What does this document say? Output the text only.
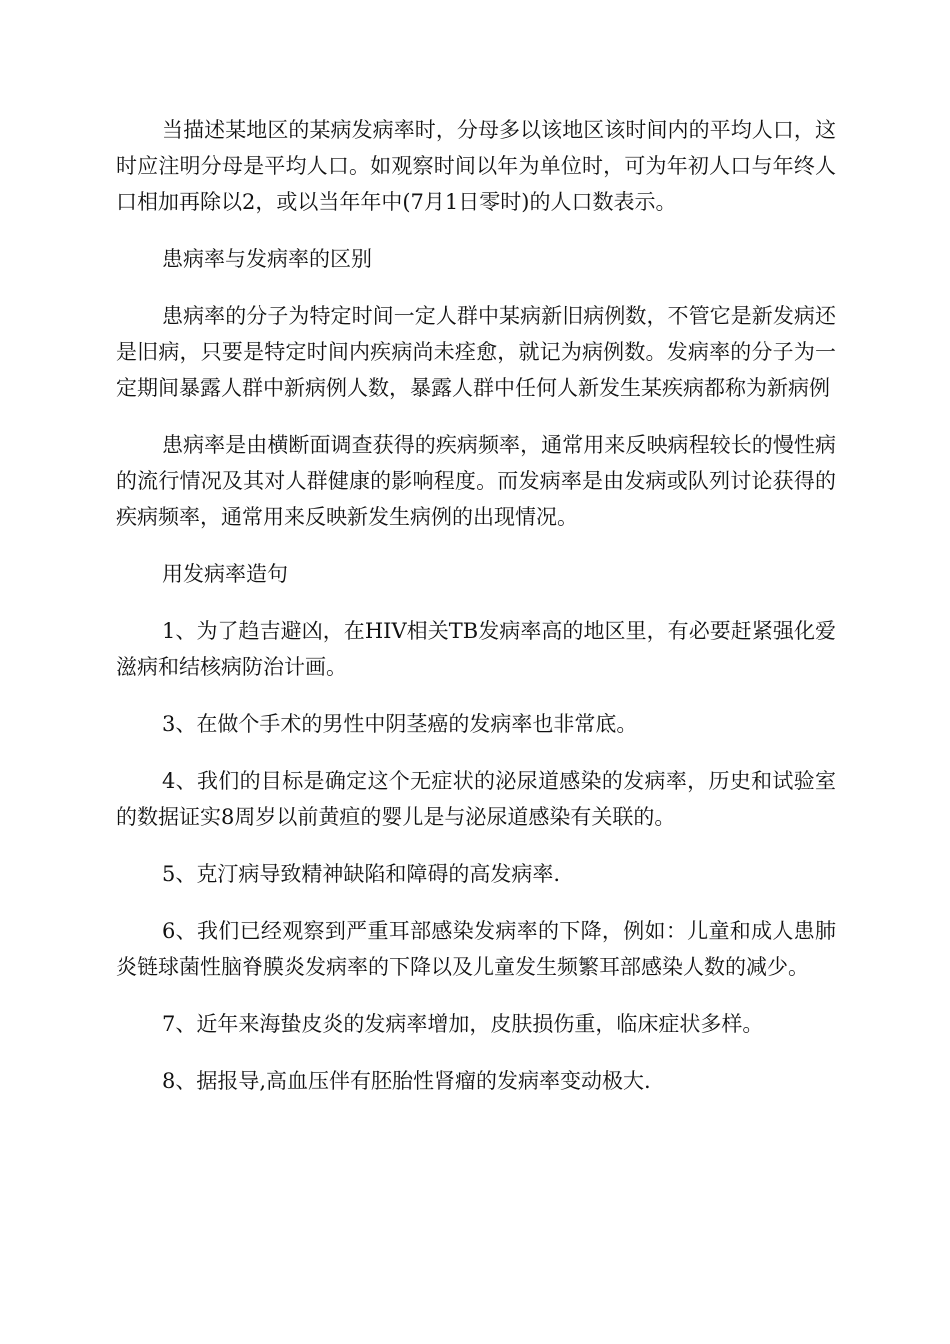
当描述某地区的某病发病率时，分母多以该地区该时间内的平均人口，这时应注明分母是平均人口。如观察时间以年为单位时，可为年初人口与年终人口相加再除以2，或以当年年中(7月1日零时)的人口数表示。

患病率与发病率的区别

患病率的分子为特定时间一定人群中某病新旧病例数，不管它是新发病还是旧病，只要是特定时间内疾病尚未痊愈，就记为病例数。发病率的分子为一定期间暴露人群中新病例人数，暴露人群中任何人新发生某疾病都称为新病例

患病率是由横断面调查获得的疾病频率，通常用来反映病程较长的慢性病的流行情况及其对人群健康的影响程度。而发病率是由发病或队列讨论获得的疾病频率，通常用来反映新发生病例的出现情况。

用发病率造句

1、为了趋吉避凶，在HIV相关TB发病率高的地区里，有必要赶紧强化爱滋病和结核病防治计画。

3、在做个手术的男性中阴茎癌的发病率也非常底。

4、我们的目标是确定这个无症状的泌尿道感染的发病率，历史和试验室的数据证实8周岁以前黄疸的婴儿是与泌尿道感染有关联的。

5、克汀病导致精神缺陷和障碍的高发病率.

6、我们已经观察到严重耳部感染发病率的下降，例如：儿童和成人患肺炎链球菌性脑脊膜炎发病率的下降以及儿童发生频繁耳部感染人数的减少。

7、近年来海蛰皮炎的发病率增加，皮肤损伤重，临床症状多样。

8、据报导,高血压伴有胚胎性肾瘤的发病率变动极大.
